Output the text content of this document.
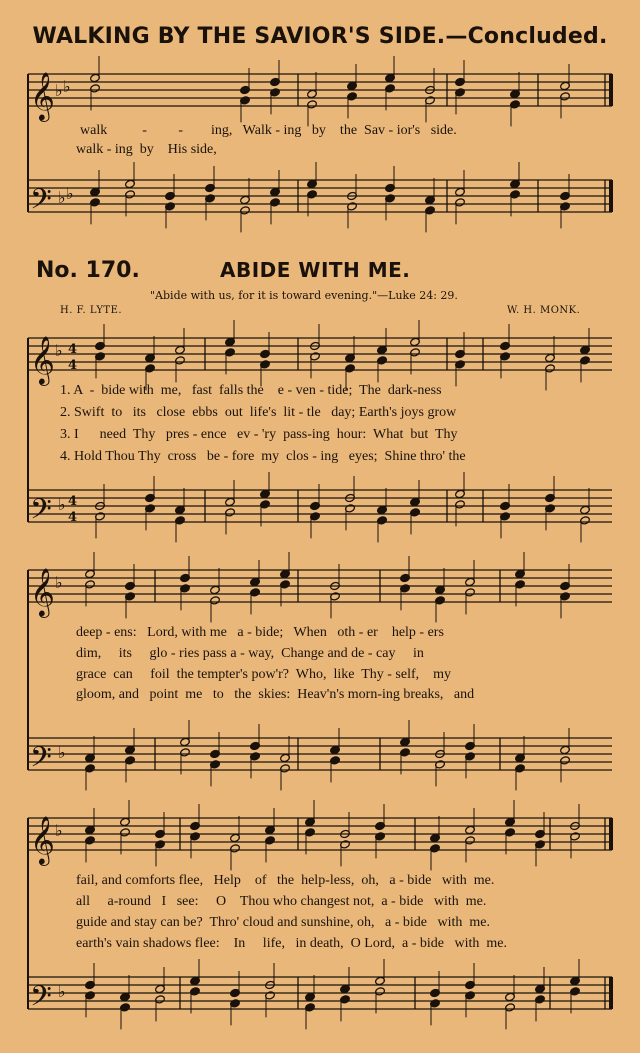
WALKING BY THE SAVIOR'S SIDE.—Concluded.
𝄞 ♭ ♭
𝄢 ♭ ♭
𝄞 ♭ 4
4
𝄢 ♭ 4
4
𝄞 ♭
𝄢 ♭
𝄞 ♭
𝄢 ♭
walk          -         -        ing,   Walk - ing   by    the  Sav - ior's   side.
walk - ing  by    His side,
No. 170.	ABIDE WITH ME.
"Abide with us, for it is toward evening."—Luke 24: 29.
H. F. LYTE.	W. H. MONK.
1. A  -  bide with  me,   fast  falls the    e - ven - tide;  The  dark-ness
2. Swift  to   its   close  ebbs  out  life's  lit - tle   day; Earth's joys grow
3. I      need  Thy   pres - ence   ev - 'ry  pass-ing  hour:  What  but  Thy
4. Hold Thou Thy  cross   be - fore  my  clos - ing   eyes;  Shine thro' the
deep - ens:   Lord, with me   a - bide;   When   oth - er    help - ers
dim,     its     glo - ries pass a - way,  Change and de - cay     in
grace  can     foil  the tempter's pow'r?  Who,  like  Thy - self,    my
gloom, and   point  me   to   the  skies:  Heav'n's morn-ing breaks,   and
fail, and comforts flee,   Help    of   the  help-less,  oh,   a - bide   with  me.
all     a-round   I   see:     O    Thou who changest not,  a - bide   with  me.
guide and stay can be?  Thro' cloud and sunshine, oh,   a - bide   with  me.
earth's vain shadows flee:    In     life,   in death,  O Lord,  a - bide   with  me.
